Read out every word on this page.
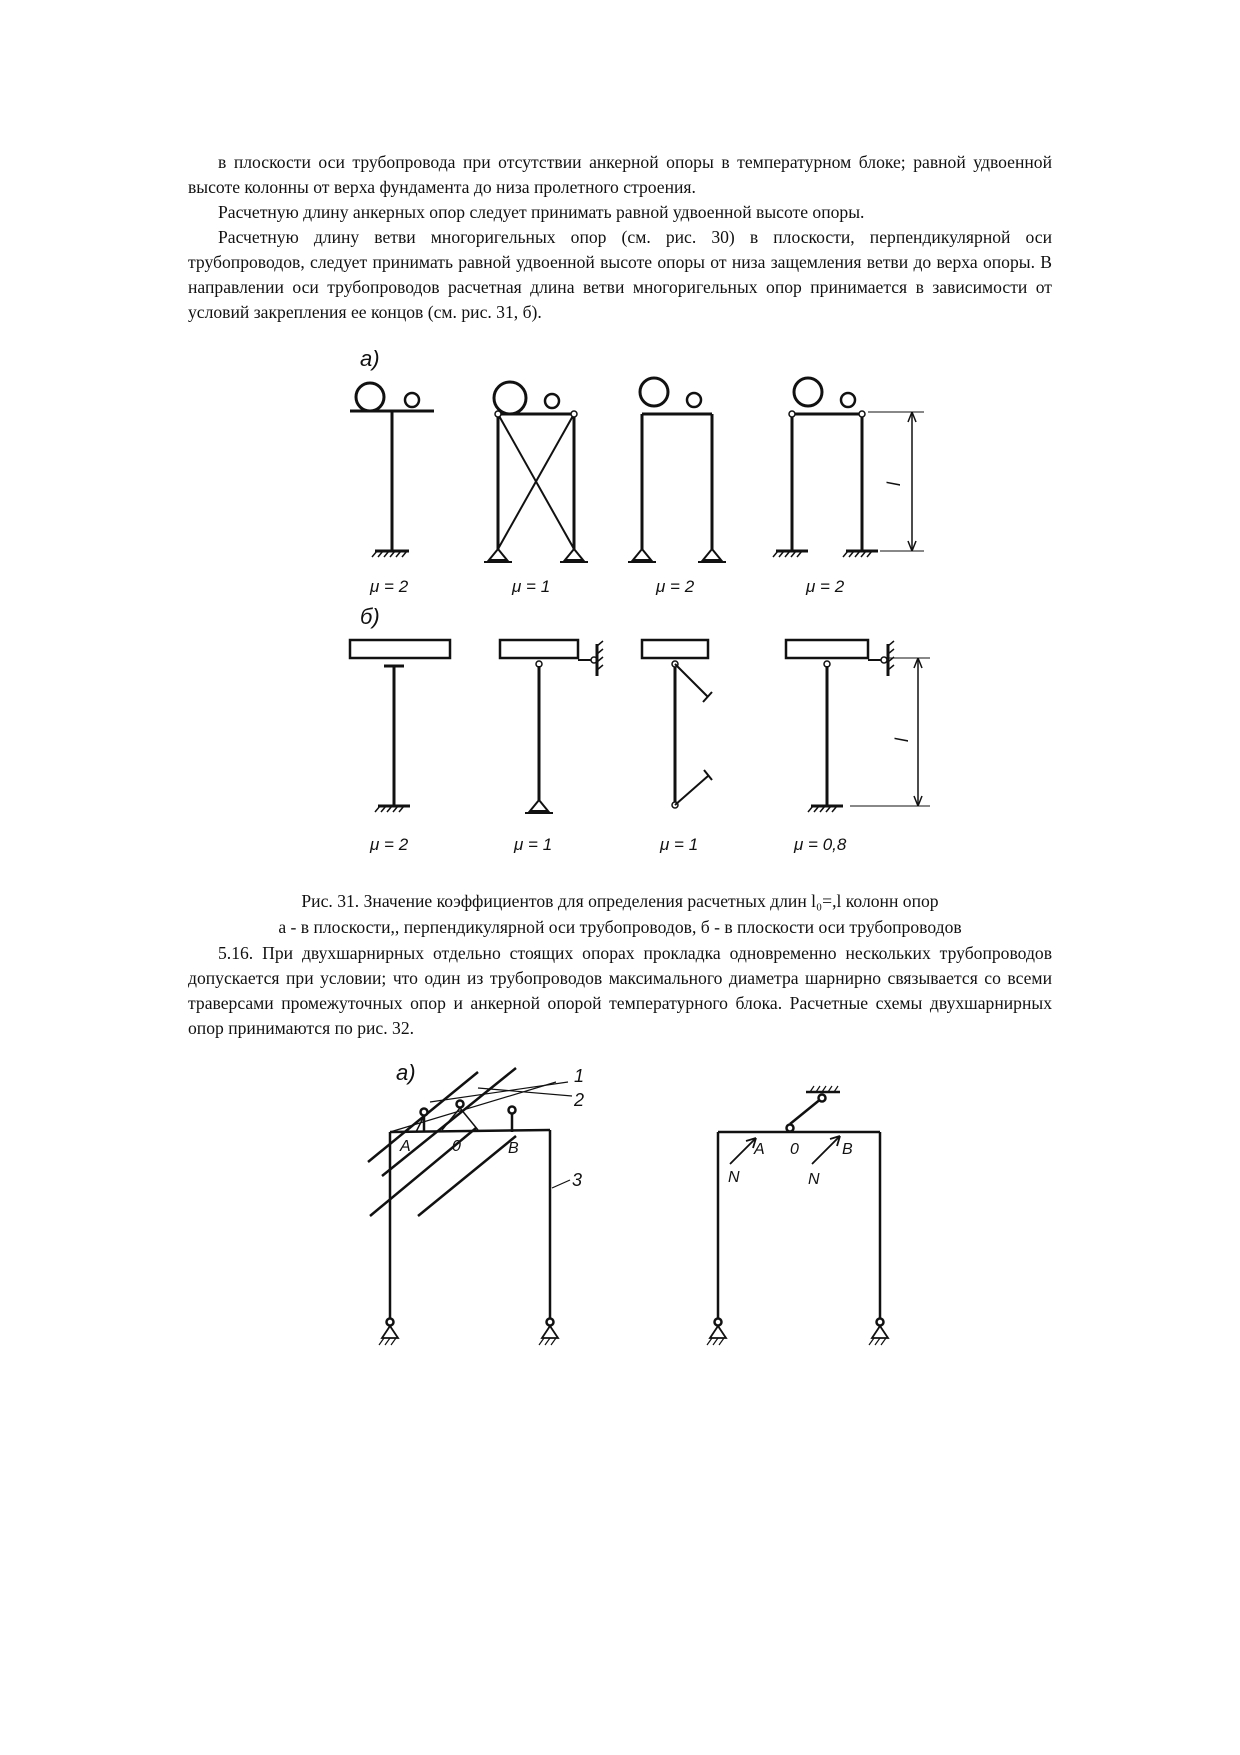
в плоскости оси трубопровода при отсутствии анкерной опоры в температурном блоке; равной удвоенной высоте колонны от верха фундамента до низа пролетного строения.

Расчетную длину анкерных опор следует принимать равной удвоенной высоте опоры.

Расчетную длину ветви многоригельных опор (см. рис. 30) в плоскости, перпендикулярной оси трубопроводов, следует принимать равной удвоенной высоте опоры от низа защемления ветви до верха опоры. В направлении оси трубопроводов расчетная длина ветви многоригельных опор принимается в зависимости от условий закрепления ее концов (см. рис. 31, б).

а)
l
μ = 2	μ = 1	μ = 2	μ = 2
б)
l
μ = 2	μ = 1	μ = 1	μ = 0,8
Рис. 31. Значение коэффициентов для определения расчетных длин l₀=,l колонн опор
а - в плоскости,, перпендикулярной оси трубопроводов, б - в плоскости оси трубопроводов

5.16. При двухшарнирных отдельно стоящих опорах прокладка одновременно нескольких трубопроводов допускается при условии; что один из трубопроводов максимального диаметра шарнирно связывается со всеми траверсами промежуточных опор и анкерной опорой температурного блока. Расчетные схемы двухшарнирных опор принимаются по рис. 32.

а)	1
2
3
A	0	B	A 0	B
N	N
